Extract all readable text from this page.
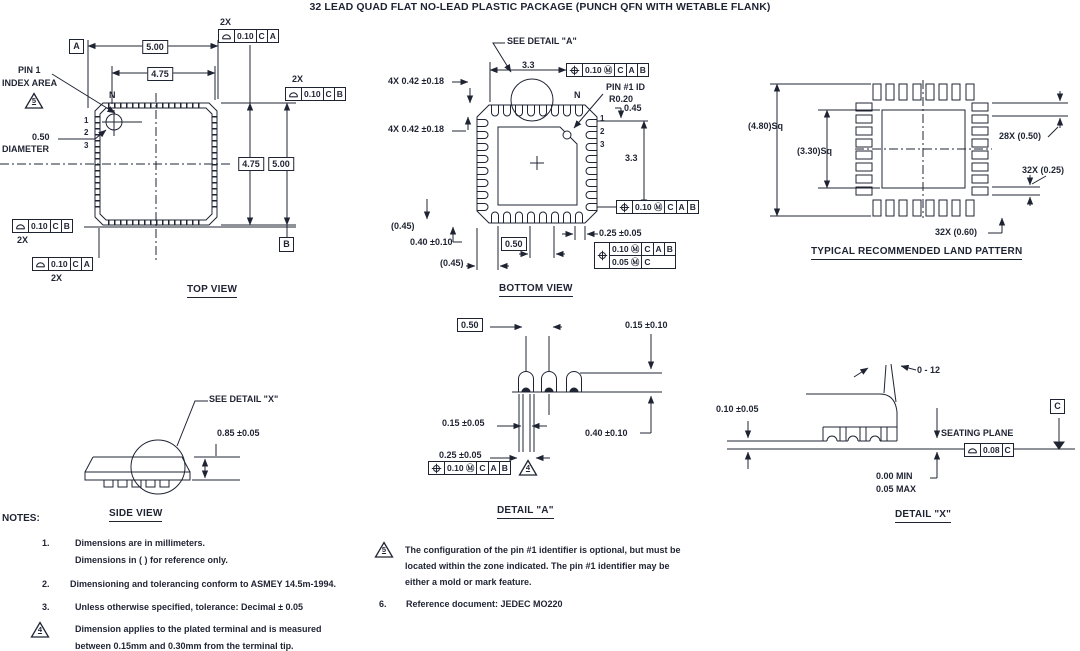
32 LEAD QUAD FLAT NO-LEAD PLASTIC PACKAGE (PUNCH QFN WITH WETABLE FLANK)
2X
0.10 C A
A	5.00
4.75
PIN 1
INDEX AREA
5
N
1
2
3
0.50
DIAMETER
2X
0.10 C B
4.75	5.00
B
0.10 C B
2X
0.10 C A
2X
TOP VIEW
SEE DETAIL "A"
3.3	0.10 Ⓜ C A B
PIN #1 ID
R0.20
0.45
N
1
2
3
4X 0.42 ±0.18
4X 0.42 ±0.18
3.3
0.10 Ⓜ C A B
(0.45)
0.40 ±0.10	0.50
(0.45)
0.25 ±0.05
0.10 Ⓜ C A B
0.05 Ⓜ C
BOTTOM VIEW
(4.80)Sq
(3.30)Sq
28X (0.50)
32X (0.25)
32X (0.60)
TYPICAL RECOMMENDED LAND PATTERN
SEE DETAIL "X"
0.85 ±0.05
SIDE VIEW
0.50	0.15 ±0.10
0.15 ±0.05
0.40 ±0.10
0.25 ±0.05
0.10 Ⓜ C A B	4
DETAIL "A"
0 - 12
0.10 ±0.05	C
SEATING PLANE
0.08 C
0.00 MIN
0.05 MAX
DETAIL "X"
NOTES:
1.	Dimensions are in millimeters.
Dimensions in ( ) for reference only.
2. Dimensioning and tolerancing conform to ASMEY 14.5m-1994.
3.	Unless otherwise specified, tolerance: Decimal ± 0.05
4	Dimension applies to the plated terminal and is measured
between 0.15mm and 0.30mm from the terminal tip.
5	The configuration of the pin #1 identifier is optional, but must be
located within the zone indicated. The pin #1 identifier may be
either a mold or mark feature.
6. Reference document: JEDEC MO220
